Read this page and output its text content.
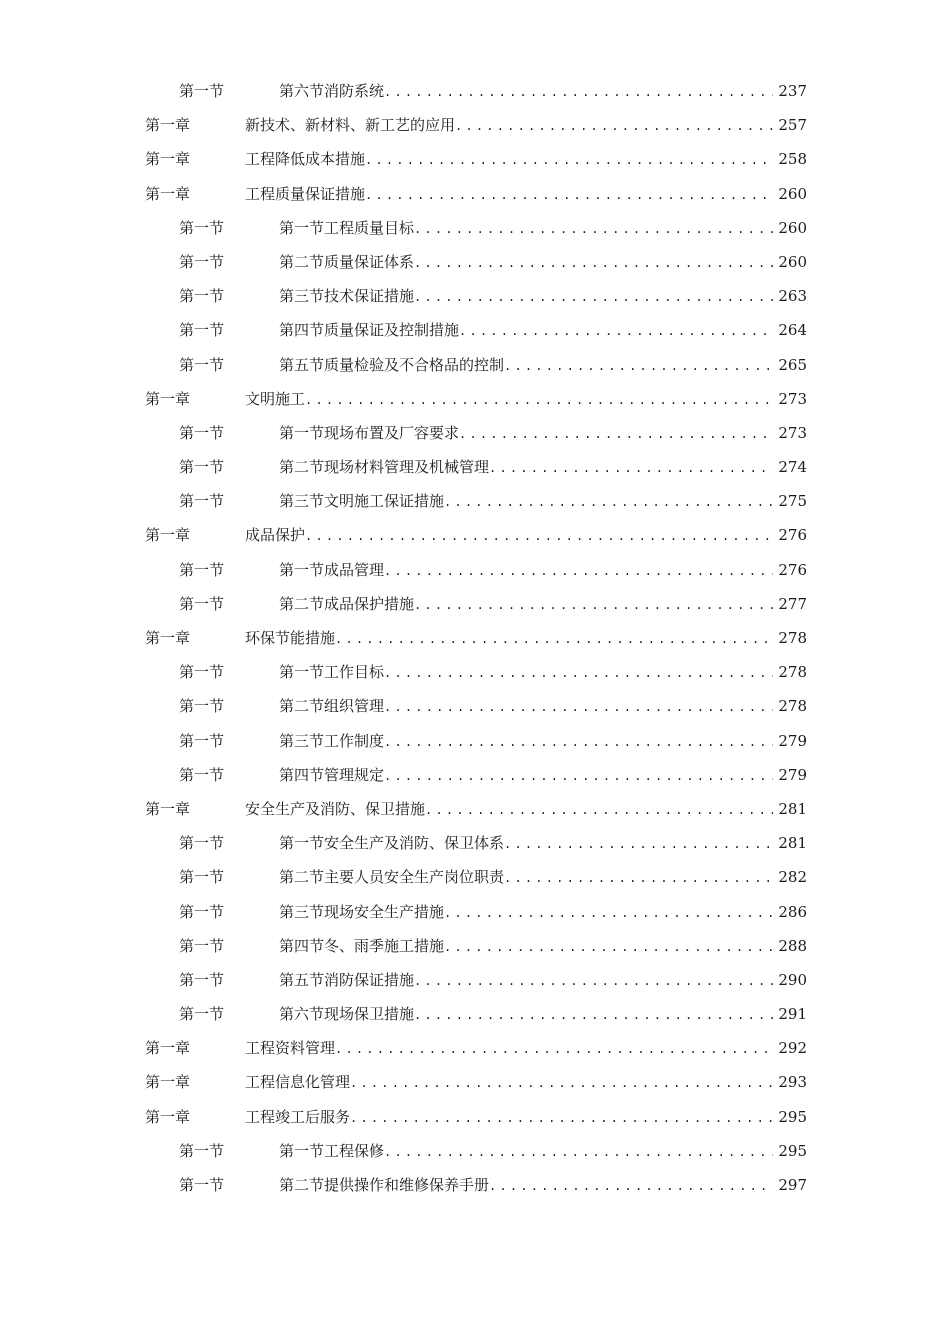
第一节	第六节消防系统 .....	237
第一章	新技术、新材料、新工艺的应用 .....	257
第一章	工程降低成本措施 .....	258
第一章	工程质量保证措施 .....	260
第一节	第一节工程质量目标 .....	260
第一节	第二节质量保证体系 .....	260
第一节	第三节技术保证措施 .....	263
第一节	第四节质量保证及控制措施 .....	264
第一节	第五节质量检验及不合格品的控制 .....	265
第一章	文明施工 .....	273
第一节	第一节现场布置及厂容要求 .....	273
第一节	第二节现场材料管理及机械管理 .....	274
第一节	第三节文明施工保证措施 .....	275
第一章	成品保护 .....	276
第一节	第一节成品管理 .....	276
第一节	第二节成品保护措施 .....	277
第一章	环保节能措施 .....	278
第一节	第一节工作目标 .....	278
第一节	第二节组织管理 .....	278
第一节	第三节工作制度 .....	279
第一节	第四节管理规定 .....	279
第一章	安全生产及消防、保卫措施 .....	281
第一节	第一节安全生产及消防、保卫体系 .....	281
第一节	第二节主要人员安全生产岗位职责 .....	282
第一节	第三节现场安全生产措施 .....	286
第一节	第四节冬、雨季施工措施 .....	288
第一节	第五节消防保证措施 .....	290
第一节	第六节现场保卫措施 .....	291
第一章	工程资料管理 .....	292
第一章	工程信息化管理 .....	293
第一章	工程竣工后服务 .....	295
第一节	第一节工程保修 .....	295
第一节	第二节提供操作和维修保养手册 .....	297
